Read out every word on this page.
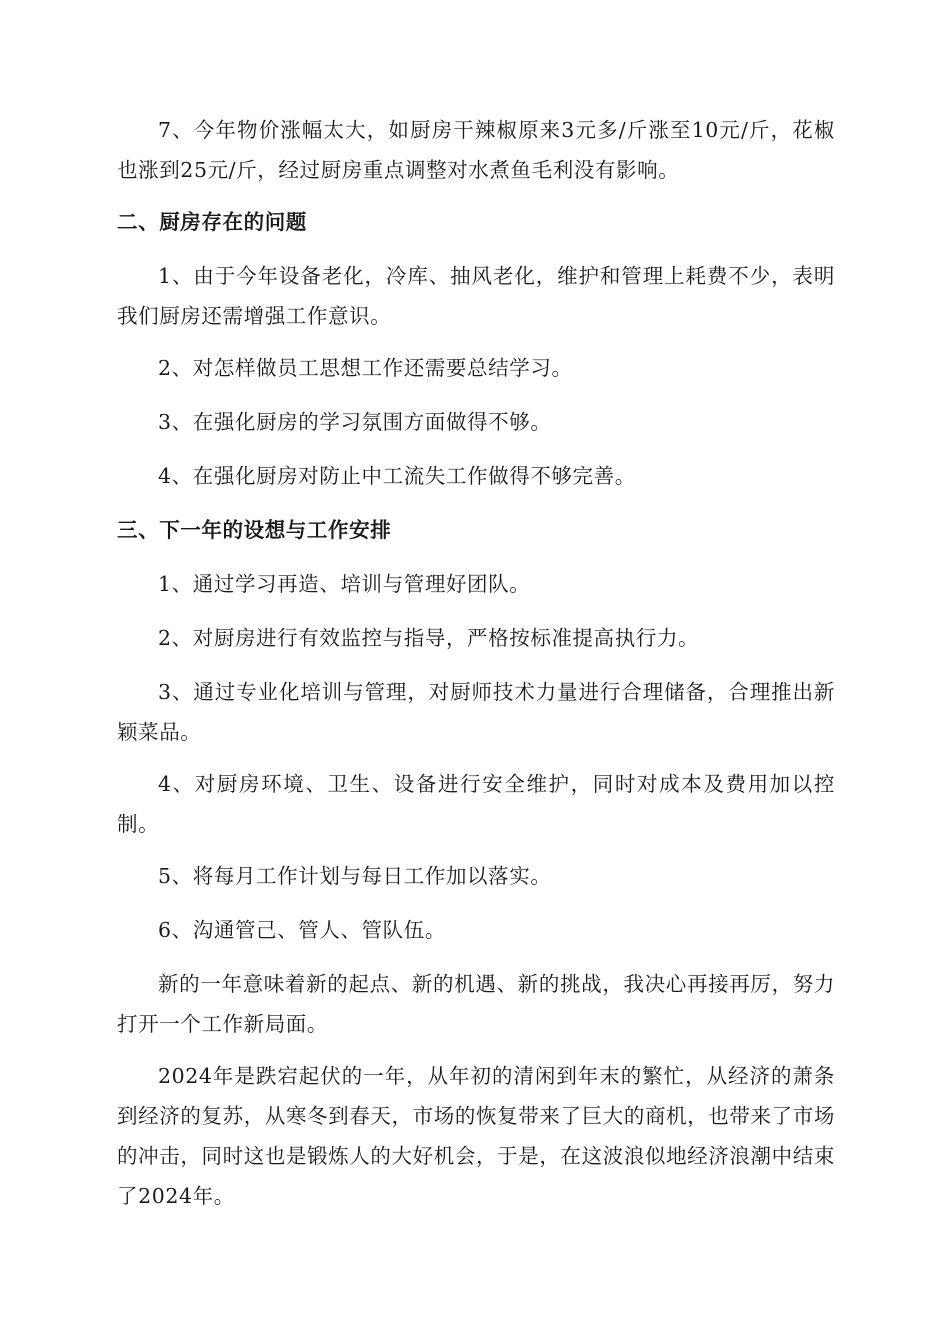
7、今年物价涨幅太大，如厨房干辣椒原来3元多/斤涨至10元/斤，花椒也涨到25元/斤，经过厨房重点调整对水煮鱼毛利没有影响。

二、厨房存在的问题

1、由于今年设备老化，冷库、抽风老化，维护和管理上耗费不少，表明我们厨房还需增强工作意识。

2、对怎样做员工思想工作还需要总结学习。

3、在强化厨房的学习氛围方面做得不够。

4、在强化厨房对防止中工流失工作做得不够完善。

三、下一年的设想与工作安排

1、通过学习再造、培训与管理好团队。

2、对厨房进行有效监控与指导，严格按标准提高执行力。

3、通过专业化培训与管理，对厨师技术力量进行合理储备，合理推出新颖菜品。

4、对厨房环境、卫生、设备进行安全维护，同时对成本及费用加以控制。

5、将每月工作计划与每日工作加以落实。

6、沟通管己、管人、管队伍。

新的一年意味着新的起点、新的机遇、新的挑战，我决心再接再厉，努力打开一个工作新局面。

2024年是跌宕起伏的一年，从年初的清闲到年末的繁忙，从经济的萧条到经济的复苏，从寒冬到春天，市场的恢复带来了巨大的商机，也带来了市场的冲击，同时这也是锻炼人的大好机会，于是，在这波浪似地经济浪潮中结束了2024年。
